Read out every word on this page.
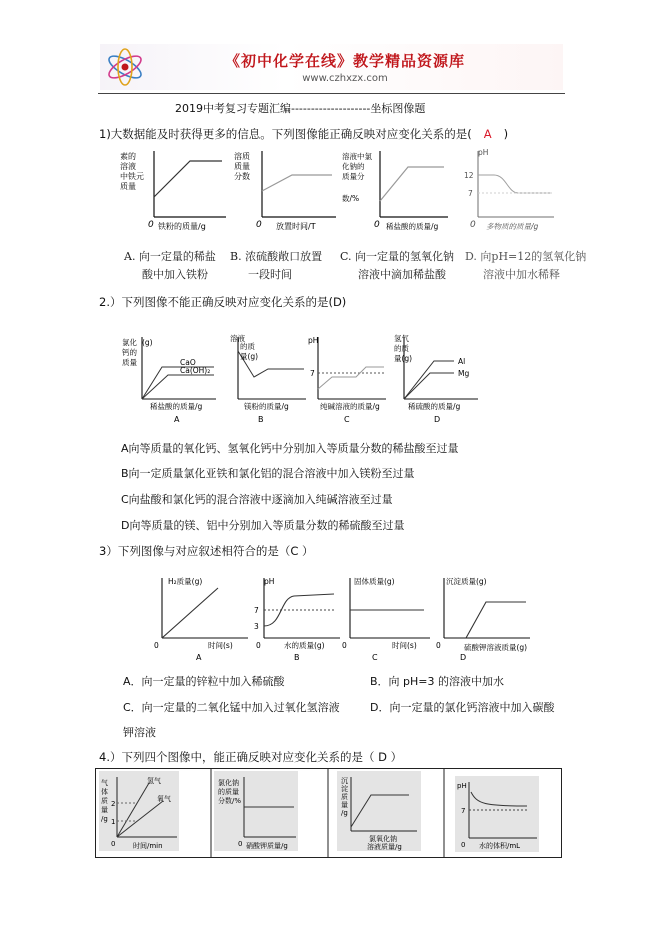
《初中化学在线》教学精品资源库
www.czhxzx.com
2019中考复习专题汇编--------------------坐标图像题
1)大数据能及时获得更多的信息。下列图像能正确反映对应变化关系的是( A )
素的
溶液
中铁元
质量
0 铁粉的质量/g
溶质
质量
分数
0 放置时间/T
溶液中氯
化钠的
质量分
数/%
0 稀盐酸的质量/g
pH
12
7
0 多物质的质量/g
A. 向一定量的稀盐
酸中加入铁粉
B. 浓硫酸敞口放置
一段时间
C. 向一定量的氢氧化钠
溶液中滴加稀盐酸
D. 向pH=12的氢氧化钠
溶液中加水稀释
2.）下列图像不能正确反映对应变化关系的是(D)
氯化
钙的
质量
(g)
CaO
Ca(OH)₂
稀盐酸的质量/g
A
溶液
的质
量(g)
镁粉的质量/g
B
pH
7
纯碱溶液的质量/g
C
氢气
的质
量(g)	Al
Mg
稀硫酸的质量/g
D
A向等质量的氧化钙、氢氧化钙中分别加入等质量分数的稀盐酸至过量
B向一定质量氯化亚铁和氯化铝的混合溶液中加入镁粉至过量
C向盐酸和氯化钙的混合溶液中逐滴加入纯碱溶液至过量
D向等质量的镁、铝中分别加入等质量分数的稀硫酸至过量
3）下列图像与对应叙述相符合的是（C ）
H₂质量(g)
0	时间(s)
A
pH
7
3
0	水的质量(g)
B
固体质量(g)
0	时间(s)
C
沉淀质量(g)
0	硫酸钾溶液质量(g)
D
A．向一定量的锌粒中加入稀硫酸	B．向 pH=3 的溶液中加水
C．向一定量的二氧化锰中加入过氧化氢溶液	D．向一定量的氯化钙溶液中加入碳酸
钾溶液
4.）下列四个图像中，能正确反映对应变化关系的是（ D ）
气
体
质
量
/g
氢气
氧气
2
1
0	时间/min
氯化钠
的质量
分数/%
0 硝酸钾质量/g
沉
淀
质
量
/g
氯氧化钠
溶液质量/g
pH
7
0 水的体积/mL
